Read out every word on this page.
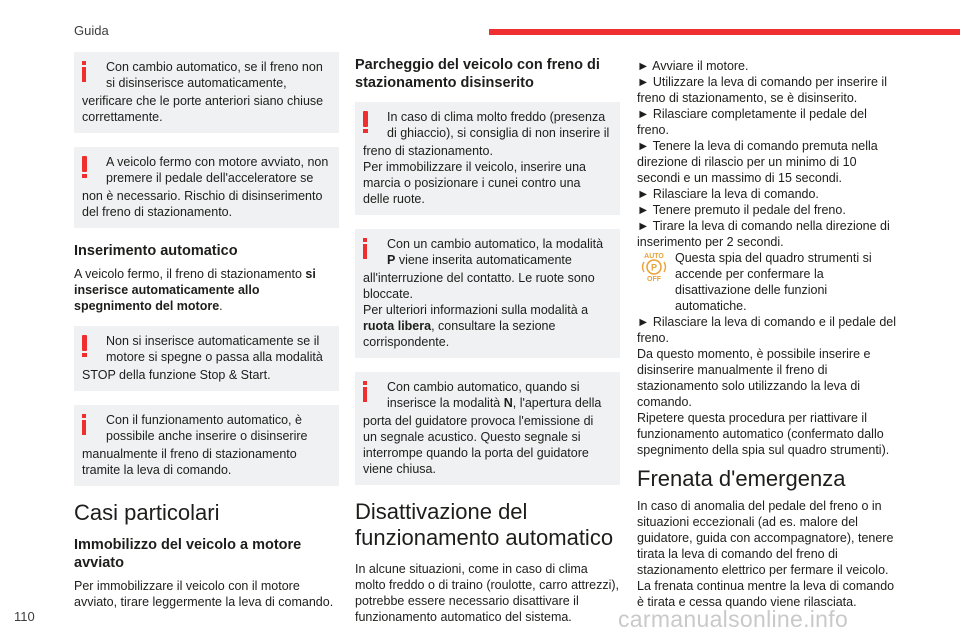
Guida

Con cambio automatico, se il freno non si disinserisce automaticamente,

verificare che le porte anteriori siano chiuse correttamente.

A veicolo fermo con motore avviato, non premere il pedale dell'acceleratore se

non è necessario. Rischio di disinserimento del freno di stazionamento.

Inserimento automatico

A veicolo fermo, il freno di stazionamento si inserisce automaticamente allo spegnimento del motore.

Non si inserisce automaticamente se il motore si spegne o passa alla modalità

STOP della funzione Stop & Start.

Con il funzionamento automatico, è possibile anche inserire o disinserire

manualmente il freno di stazionamento tramite la leva di comando.

Casi particolari
Immobilizzo del veicolo a motore avviato

Per immobilizzare il veicolo con il motore avviato, tirare leggermente la leva di comando.

Parcheggio del veicolo con freno di stazionamento disinserito

In caso di clima molto freddo (presenza di ghiaccio), si consiglia di non inserire il

freno di stazionamento.

Per immobilizzare il veicolo, inserire una marcia o posizionare i cunei contro una delle ruote.

Con un cambio automatico, la modalità P viene inserita automaticamente

all'interruzione del contatto. Le ruote sono bloccate.

Per ulteriori informazioni sulla modalità a ruota libera, consultare la sezione corrispondente.

Con cambio automatico, quando si inserisce la modalità N, l'apertura della

porta del guidatore provoca l'emissione di un segnale acustico. Questo segnale si interrompe quando la porta del guidatore viene chiusa.

Disattivazione del funzionamento automatico

In alcune situazioni, come in caso di clima molto freddo o di traino (roulotte, carro attrezzi), potrebbe essere necessario disattivare il funzionamento automatico del sistema.

► Avviare il motore.

► Utilizzare la leva di comando per inserire il freno di stazionamento, se è disinserito.

► Rilasciare completamente il pedale del freno.

► Tenere la leva di comando premuta nella direzione di rilascio per un minimo di 10 secondi e un massimo di 15 secondi.

► Rilasciare la leva di comando.

► Tenere premuto il pedale del freno.

► Tirare la leva di comando nella direzione di inserimento per 2 secondi.

AUTO
P
OFF

Questa spia del quadro strumenti si accende per confermare la disattivazione delle funzioni automatiche.

► Rilasciare la leva di comando e il pedale del freno.

Da questo momento, è possibile inserire e disinserire manualmente il freno di stazionamento solo utilizzando la leva di comando.

Ripetere questa procedura per riattivare il funzionamento automatico (confermato dallo spegnimento della spia sul quadro strumenti).

Frenata d'emergenza

In caso di anomalia del pedale del freno o in situazioni eccezionali (ad es. malore del guidatore, guida con accompagnatore), tenere tirata la leva di comando del freno di stazionamento elettrico per fermare il veicolo.

La frenata continua mentre la leva di comando è tirata e cessa quando viene rilasciata.

110	carmanualsonline.info
